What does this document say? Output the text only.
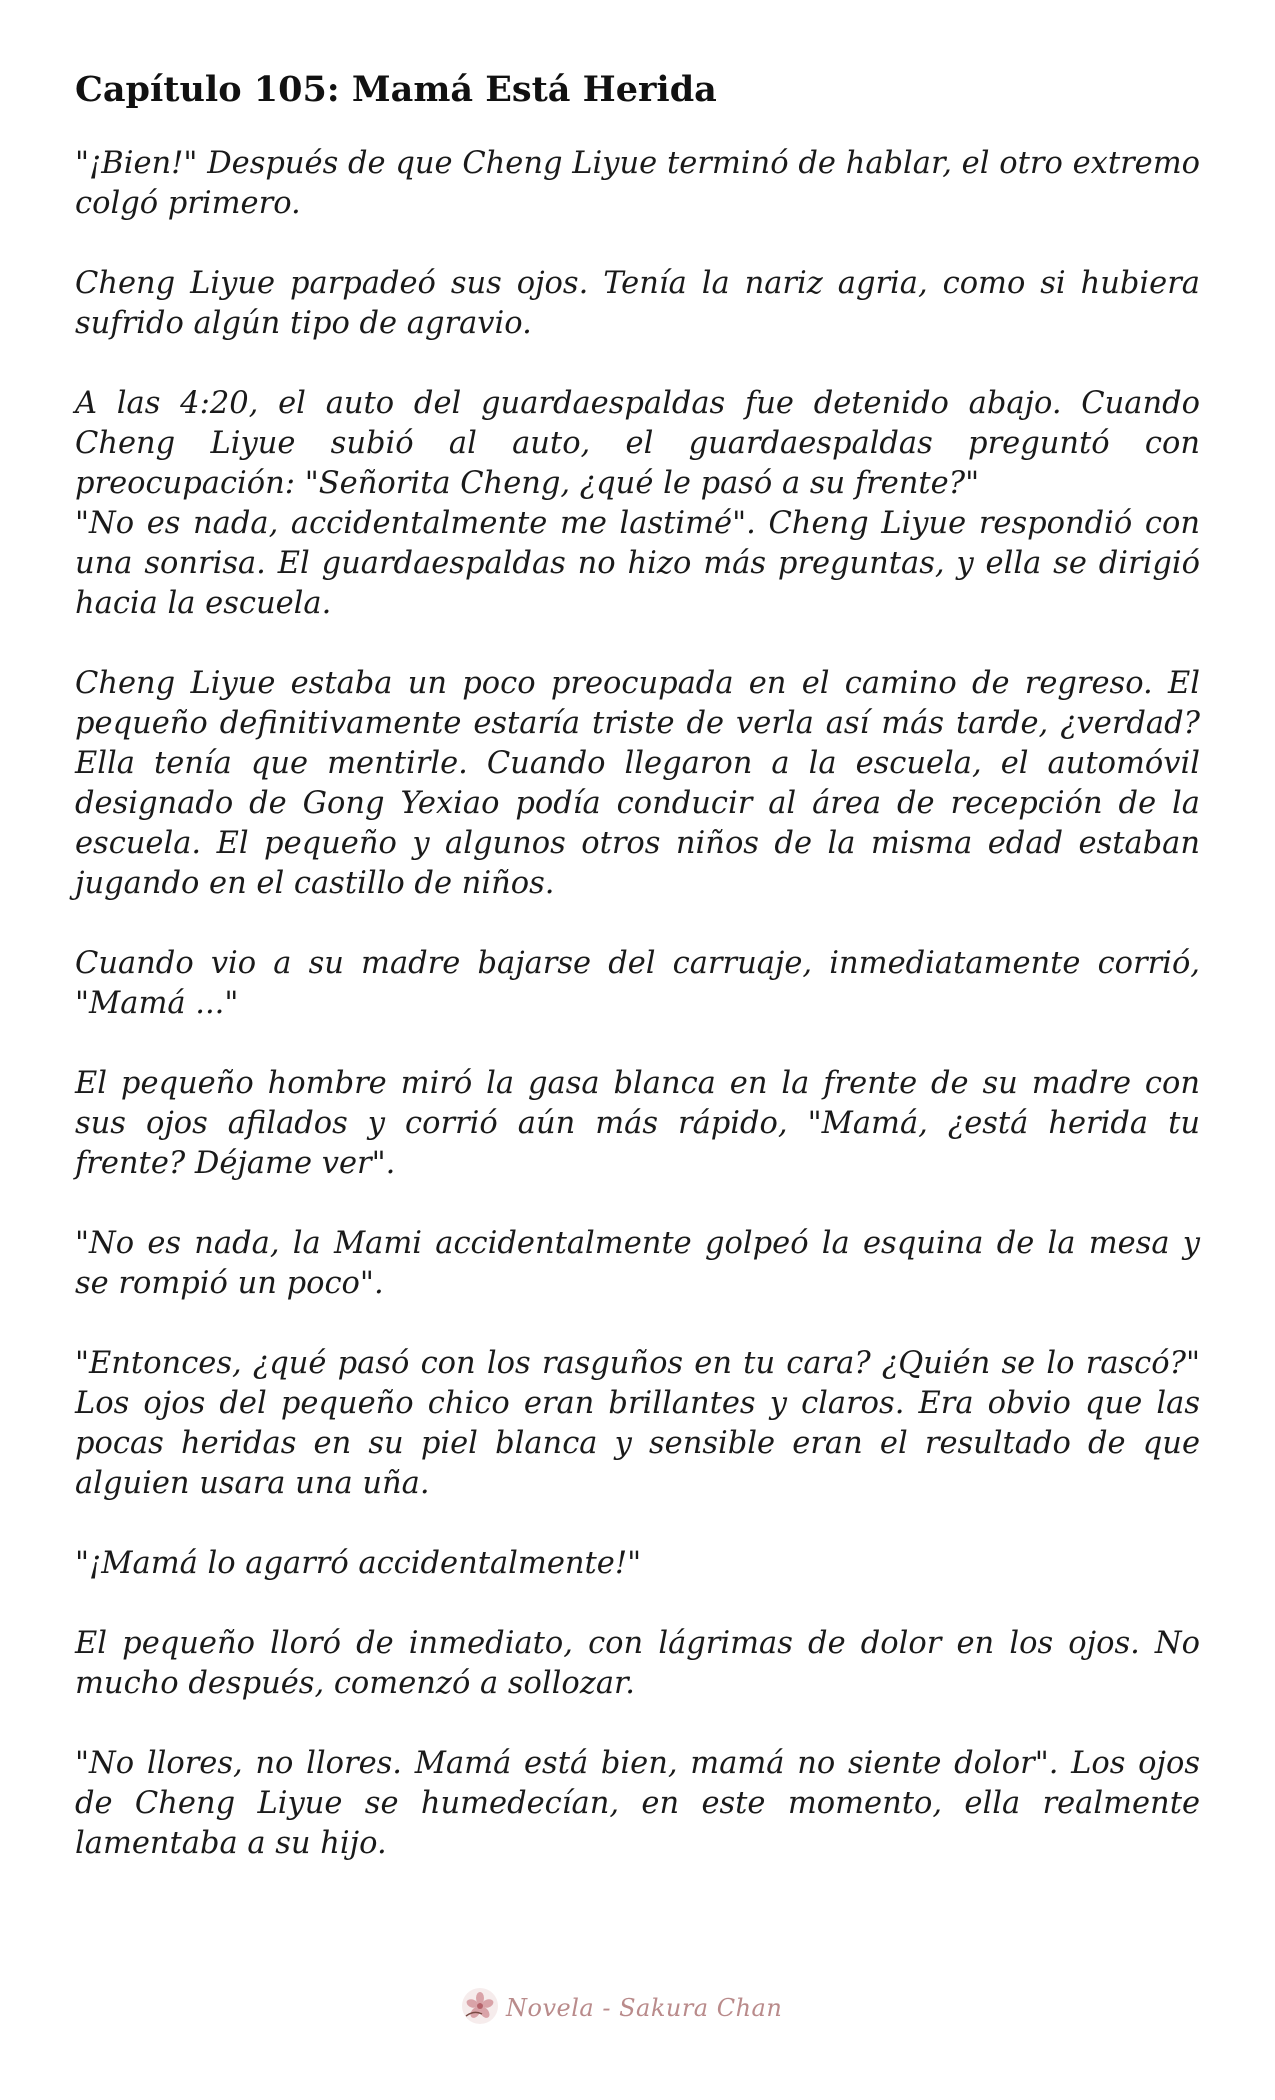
Capítulo 105: Mamá Está Herida

"¡Bien!" Después de que Cheng Liyue terminó de hablar, el otro extremo colgó primero.

Cheng Liyue parpadeó sus ojos. Tenía la nariz agria, como si hubiera sufrido algún tipo de agravio.

A las 4:20, el auto del guardaespaldas fue detenido abajo. Cuando Cheng Liyue subió al auto, el guardaespaldas preguntó con preocupación: "Señorita Cheng, ¿qué le pasó a su frente?"
"No es nada, accidentalmente me lastimé". Cheng Liyue respondió con una sonrisa. El guardaespaldas no hizo más preguntas, y ella se dirigió hacia la escuela.

Cheng Liyue estaba un poco preocupada en el camino de regreso. El pequeño definitivamente estaría triste de verla así más tarde, ¿verdad? Ella tenía que mentirle. Cuando llegaron a la escuela, el automóvil designado de Gong Yexiao podía conducir al área de recepción de la escuela. El pequeño y algunos otros niños de la misma edad estaban jugando en el castillo de niños.

Cuando vio a su madre bajarse del carruaje, inmediatamente corrió, "Mamá ..."

El pequeño hombre miró la gasa blanca en la frente de su madre con sus ojos afilados y corrió aún más rápido, "Mamá, ¿está herida tu frente? Déjame ver".

"No es nada, la Mami accidentalmente golpeó la esquina de la mesa y se rompió un poco".

"Entonces, ¿qué pasó con los rasguños en tu cara? ¿Quién se lo rascó?" Los ojos del pequeño chico eran brillantes y claros. Era obvio que las pocas heridas en su piel blanca y sensible eran el resultado de que alguien usara una uña.

"¡Mamá lo agarró accidentalmente!"

El pequeño lloró de inmediato, con lágrimas de dolor en los ojos. No mucho después, comenzó a sollozar.

"No llores, no llores. Mamá está bien, mamá no siente dolor". Los ojos de Cheng Liyue se humedecían, en este momento, ella realmente lamentaba a su hijo.

Novela - Sakura Chan
